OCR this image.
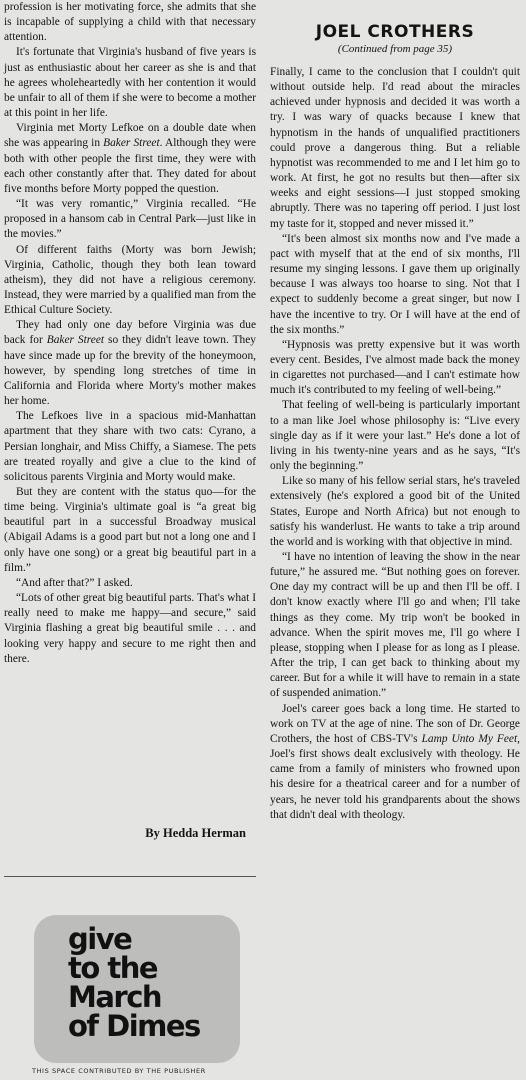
profession is her motivating force, she admits that she is incapable of supplying a child with that necessary attention.

It's fortunate that Virginia's husband of five years is just as enthusiastic about her career as she is and that he agrees wholeheartedly with her contention it would be unfair to all of them if she were to become a mother at this point in her life.

Virginia met Morty Lefkoe on a double date when she was appearing in Baker Street. Although they were both with other people the first time, they were with each other constantly after that. They dated for about five months before Morty popped the question.

“It was very romantic,” Virginia recalled. “He proposed in a hansom cab in Central Park—just like in the movies.”

Of different faiths (Morty was born Jewish; Virginia, Catholic, though they both lean toward atheism), they did not have a religious ceremony. Instead, they were married by a qualified man from the Ethical Culture Society.

They had only one day before Virginia was due back for Baker Street so they didn't leave town. They have since made up for the brevity of the honeymoon, however, by spending long stretches of time in California and Florida where Morty's mother makes her home.

The Lefkoes live in a spacious mid-Manhattan apartment that they share with two cats: Cyrano, a Persian longhair, and Miss Chiffy, a Siamese. The pets are treated royally and give a clue to the kind of solicitous parents Virginia and Morty would make.

But they are content with the status quo—for the time being. Virginia's ultimate goal is “a great big beautiful part in a successful Broadway musical (Abigail Adams is a good part but not a long one and I only have one song) or a great big beautiful part in a film.”

“And after that?” I asked.

“Lots of other great big beautiful parts. That's what I really need to make me happy—and secure,” said Virginia flashing a great big beautiful smile . . . and looking very happy and secure to me right then and there.

By Hedda Herman

give
to the
March
of Dimes
THIS SPACE CONTRIBUTED BY THE PUBLISHER
JOEL CROTHERS

(Continued from page 35)

Finally, I came to the conclusion that I couldn't quit without outside help. I'd read about the miracles achieved under hypnosis and decided it was worth a try. I was wary of quacks because I knew that hypnotism in the hands of unqualified practitioners could prove a dangerous thing. But a reliable hypnotist was recommended to me and I let him go to work. At first, he got no results but then—after six weeks and eight sessions—I just stopped smoking abruptly. There was no tapering off period. I just lost my taste for it, stopped and never missed it.”

“It's been almost six months now and I've made a pact with myself that at the end of six months, I'll resume my singing lessons. I gave them up originally because I was always too hoarse to sing. Not that I expect to suddenly become a great singer, but now I have the incentive to try. Or I will have at the end of the six months.”

“Hypnosis was pretty expensive but it was worth every cent. Besides, I've almost made back the money in cigarettes not purchased—and I can't estimate how much it's contributed to my feeling of well-being.”

That feeling of well-being is particularly important to a man like Joel whose philosophy is: “Live every single day as if it were your last.” He's done a lot of living in his twenty-nine years and as he says, “It's only the beginning.”

Like so many of his fellow serial stars, he's traveled extensively (he's explored a good bit of the United States, Europe and North Africa) but not enough to satisfy his wanderlust. He wants to take a trip around the world and is working with that objective in mind.

“I have no intention of leaving the show in the near future,” he assured me. “But nothing goes on forever. One day my contract will be up and then I'll be off. I don't know exactly where I'll go and when; I'll take things as they come. My trip won't be booked in advance. When the spirit moves me, I'll go where I please, stopping when I please for as long as I please. After the trip, I can get back to thinking about my career. But for a while it will have to remain in a state of suspended animation.”

Joel's career goes back a long time. He started to work on TV at the age of nine. The son of Dr. George Crothers, the host of CBS-TV's Lamp Unto My Feet, Joel's first shows dealt exclusively with theology. He came from a family of ministers who frowned upon his desire for a theatrical career and for a number of years, he never told his grandparents about the shows that didn't deal with theology.
